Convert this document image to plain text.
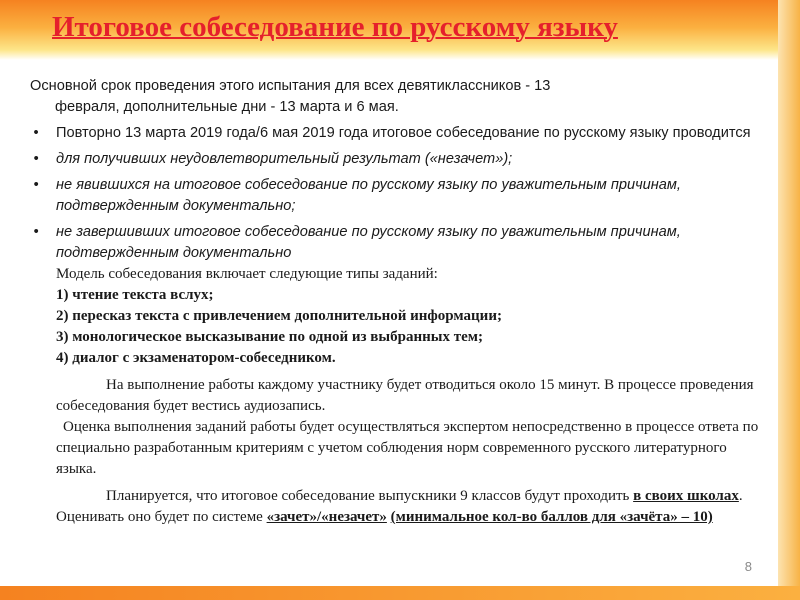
Итоговое собеседование по русскому языку

Основной срок проведения этого испытания для всех девятиклассников - 13
февраля, дополнительные дни - 13 марта и 6 мая.

• Повторно 13 марта 2019 года/6 мая 2019 года итоговое собеседование по русскому языку проводится
• для получивших неудовлетворительный результат («незачет»);
• не явившихся на итоговое собеседование по русскому языку по уважительным причинам, подтвержденным документально;
• не завершивших итоговое собеседование по русскому языку по уважительным причинам, подтвержденным документально

Модель собеседования включает следующие типы заданий:

1) чтение текста вслух;

2) пересказ текста с привлечением дополнительной информации;

3) монологическое высказывание по одной из выбранных тем;

4) диалог с экзаменатором-собеседником.

На выполнение работы каждому участнику будет отводиться около 15 минут. В процессе проведения собеседования будет вестись аудиозапись.

Оценка выполнения заданий работы будет осуществляться экспертом непосредственно в процессе ответа по специально разработанным критериям с учетом соблюдения норм современного русского литературного языка.

Планируется, что итоговое собеседование выпускники 9 классов будут проходить в своих школах. Оценивать оно будет по системе «зачет»/«незачет» (минимальное кол-во баллов для «зачёта» – 10)

8
